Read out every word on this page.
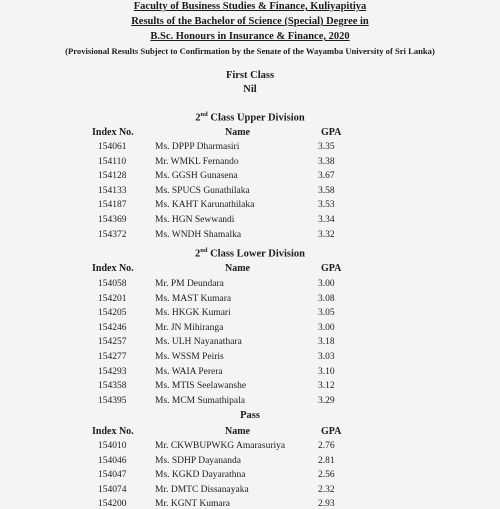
Faculty of Business Studies & Finance, Kuliyapitiya
Results of the Bachelor of Science (Special) Degree in
B.Sc. Honours in Insurance & Finance, 2020
(Provisional Results Subject to Confirmation by the Senate of the Wayamba University of Sri Lanka)
First Class
Nil
2nd Class Upper Division
Index No.	Name	GPA
154061	Ms. DPPP Dharmasiri	3.35
154110	Mr. WMKL Fernando	3.38
154128	Ms. GGSH Gunasena	3.67
154133	Ms. SPUCS Gunathilaka	3.58
154187	Ms. KAHT Karunathilaka	3.53
154369	Ms. HGN Sewwandi	3.34
154372	Ms. WNDH Shamalka	3.32
2nd Class Lower Division
Index No.	Name	GPA
154058	Mr. PM Deundara	3.00
154201	Ms. MAST Kumara	3.08
154205	Ms. HKGK Kumari	3.05
154246	Mr. JN Mihiranga	3.00
154257	Ms. ULH Nayanathara	3.18
154277	Ms. WSSM Peiris	3.03
154293	Ms. WAIA Perera	3.10
154358	Ms. MTIS Seelawanshe	3.12
154395	Ms. MCM Sumathipala	3.29
Pass
Index No.	Name	GPA
154010	Mr. CKWBUPWKG Amarasuriya	2.76
154046	Ms. SDHP Dayananda	2.81
154047	Ms. KGKD Dayarathna	2.56
154074	Mr. DMTC Dissanayaka	2.32
154200	Mr. KGNT Kumara	2.93
